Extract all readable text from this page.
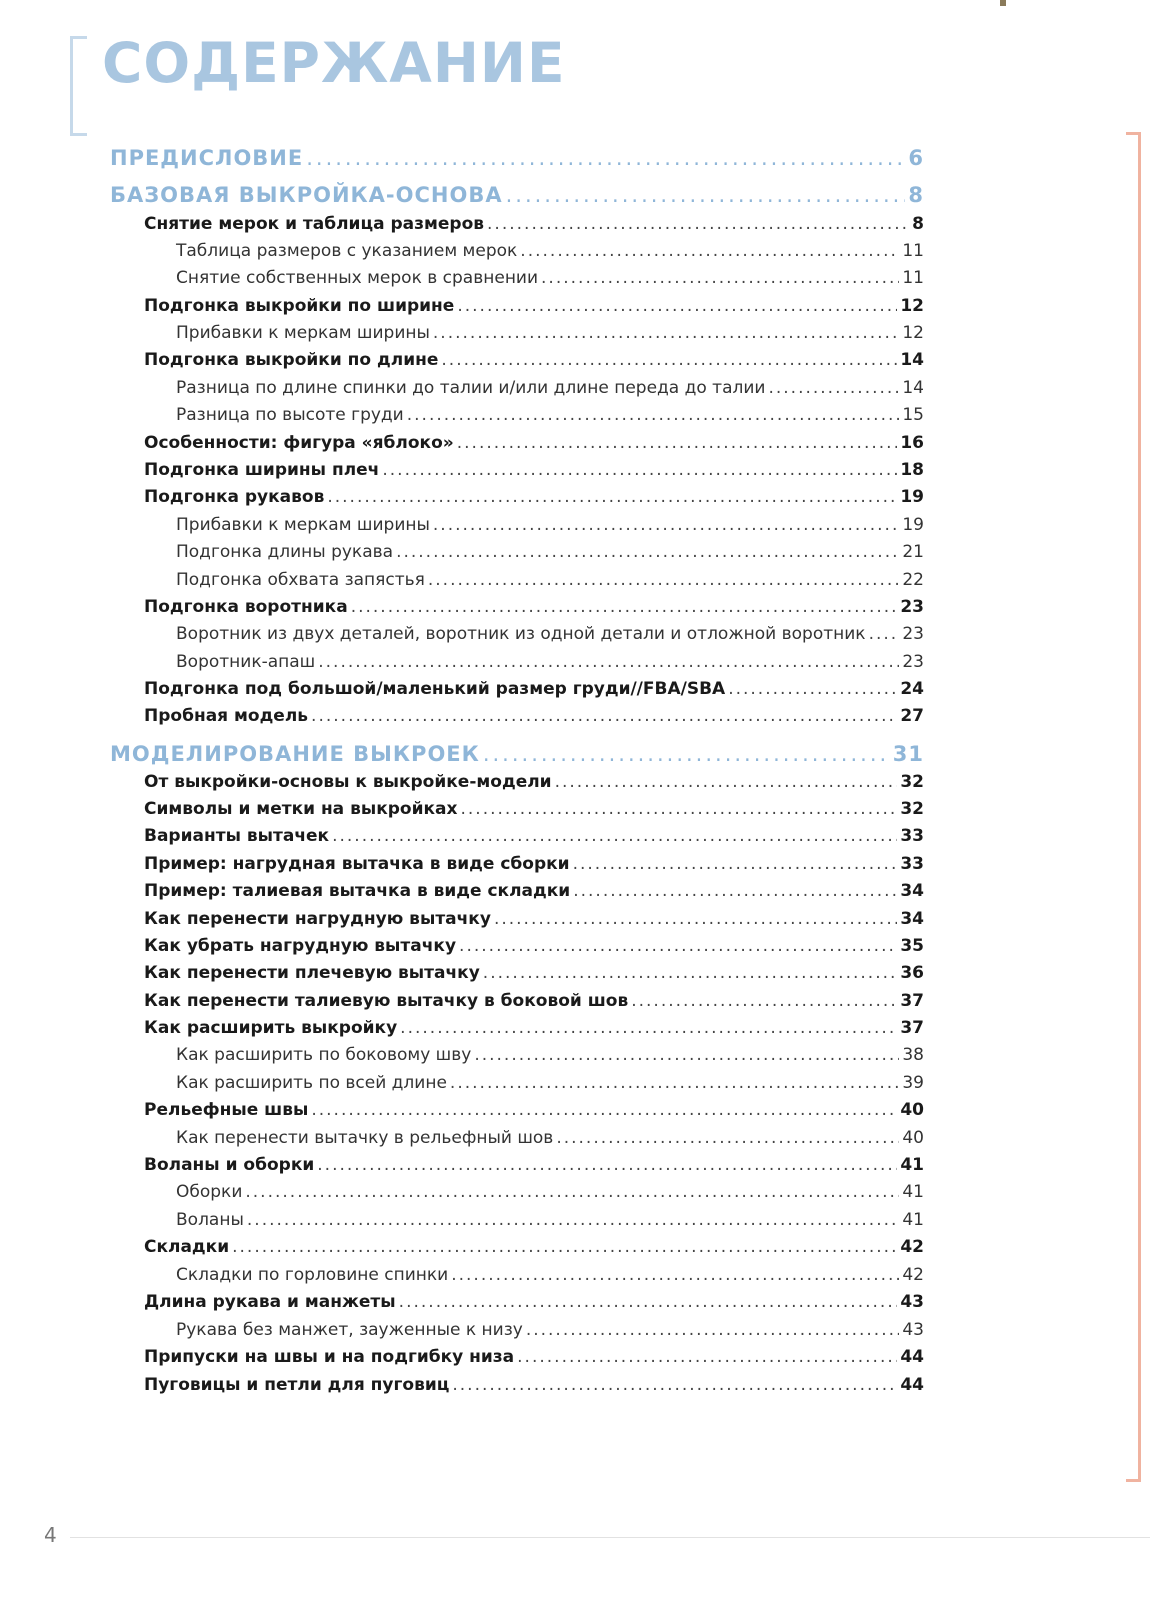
СОДЕРЖАНИЕ
ПРЕДИСЛОВИЕ .....	6
БАЗОВАЯ ВЫКРОЙКА-ОСНОВА .....	8
Снятие мерок и таблица размеров .....	8
Таблица размеров с указанием мерок .....	11
Снятие собственных мерок в сравнении .....	11
Подгонка выкройки по ширине .....	12
Прибавки к меркам ширины .....	12
Подгонка выкройки по длине .....	14
Разница по длине спинки до талии и/или длине переда до талии .....	14
Разница по высоте груди .....	15
Особенности: фигура «яблоко» .....	16
Подгонка ширины плеч .....	18
Подгонка рукавов .....	19
Прибавки к меркам ширины .....	19
Подгонка длины рукава .....	21
Подгонка обхвата запястья .....	22
Подгонка воротника .....	23
Воротник из двух деталей, воротник из одной детали и отложной воротник ..... 23
Воротник-апаш .....	23
Подгонка под большой/маленький размер груди//FBA/SBA .....	24
Пробная модель .....	27
МОДЕЛИРОВАНИЕ ВЫКРОЕК .....	31
От выкройки-основы к выкройке-модели .....	32
Символы и метки на выкройках .....	32
Варианты вытачек .....	33
Пример: нагрудная вытачка в виде сборки .....	33
Пример: талиевая вытачка в виде складки .....	34
Как перенести нагрудную вытачку .....	34
Как убрать нагрудную вытачку .....	35
Как перенести плечевую вытачку .....	36
Как перенести талиевую вытачку в боковой шов .....	37
Как расширить выкройку .....	37
Как расширить по боковому шву .....	38
Как расширить по всей длине .....	39
Рельефные швы .....	40
Как перенести вытачку в рельефный шов .....	40
Воланы и оборки .....	41
Оборки .....	41
Воланы .....	41
Складки .....	42
Складки по горловине спинки .....	42
Длина рукава и манжеты .....	43
Рукава без манжет, зауженные к низу .....	43
Припуски на швы и на подгибку низа .....	44
Пуговицы и петли для пуговиц .....	44
4
